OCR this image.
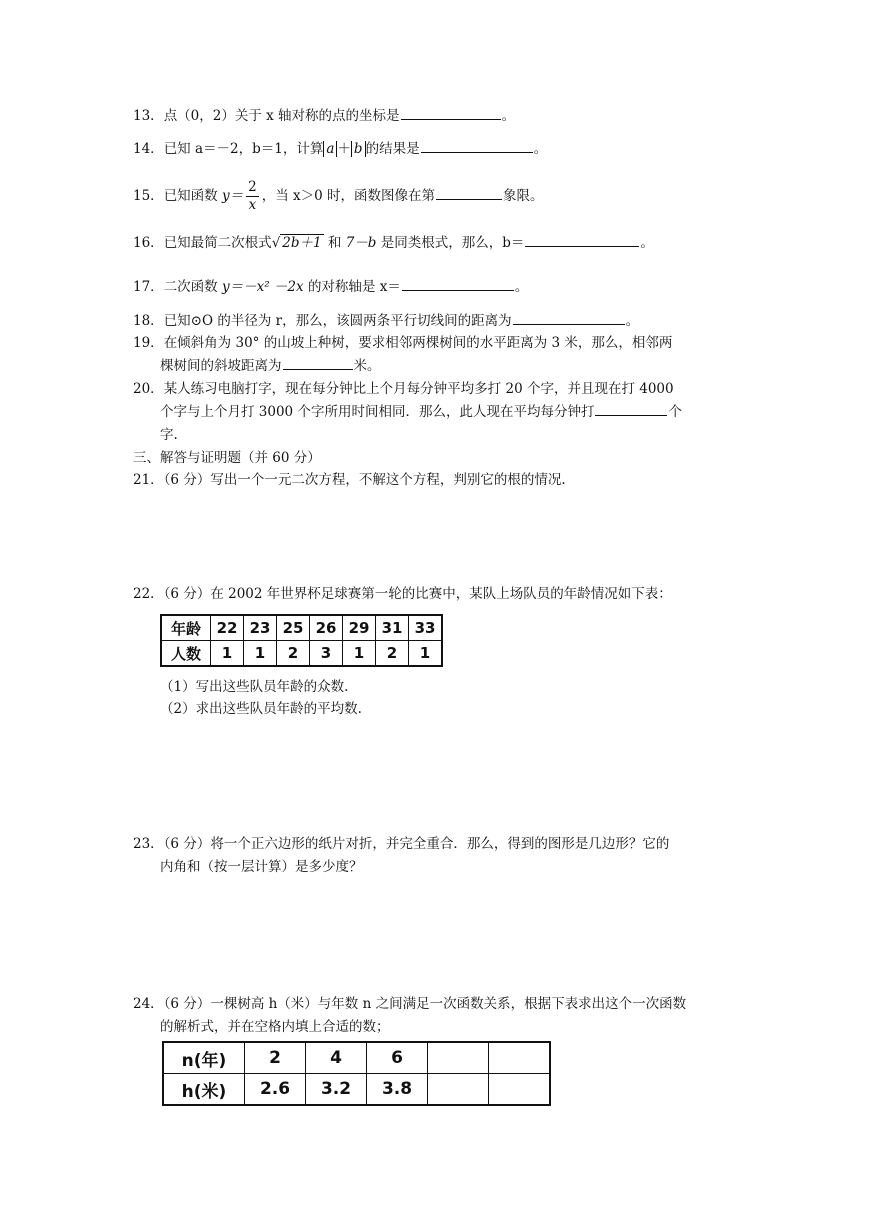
13．点（0，2）关于 x 轴对称的点的坐标是	。
14．已知 a＝－2，b＝1，计算 a ＋ b 的结果是	。
15．已知函数 $y= \frac{2}{x}$ ，当 x＞0 时，函数图像在第	象限。
16．已知最简二次根式√ 2b＋1 和 7－b 是同类根式，那么，b＝	。
17．二次函数 y＝－x² －2x 的对称轴是 x＝	。
18．已知⊙O 的半径为 r，那么，该圆两条平行切线间的距离为	。
19．在倾斜角为 30° 的山坡上种树，要求相邻两棵树间的水平距离为 3 米，那么，相邻两
棵树间的斜坡距离为	米。
20．某人练习电脑打字，现在每分钟比上个月每分钟平均多打 20 个字，并且现在打 4000
个字与上个月打 3000 个字所用时间相同．那么，此人现在平均每分钟打	个
字.
三、解答与证明题（并 60 分）
21．（6 分）写出一个一元二次方程，不解这个方程，判别它的根的情况.
22．（6 分）在 2002 年世界杯足球赛第一轮的比赛中，某队上场队员的年龄情况如下表：
年龄	22	23	25	26	29	31	33
人数	1	1	2	3	1	2	1
（1）写出这些队员年龄的众数.
（2）求出这些队员年龄的平均数.
23．（6 分）将一个正六边形的纸片对折，并完全重合．那么，得到的图形是几边形？它的
内角和（按一层计算）是多少度？
24．（6 分）一棵树高 h（米）与年数 n 之间满足一次函数关系，根据下表求出这个一次函数
的解析式，并在空格内填上合适的数；
n(年)	2	4	6		
h(米)	2.6	3.2	3.8		
